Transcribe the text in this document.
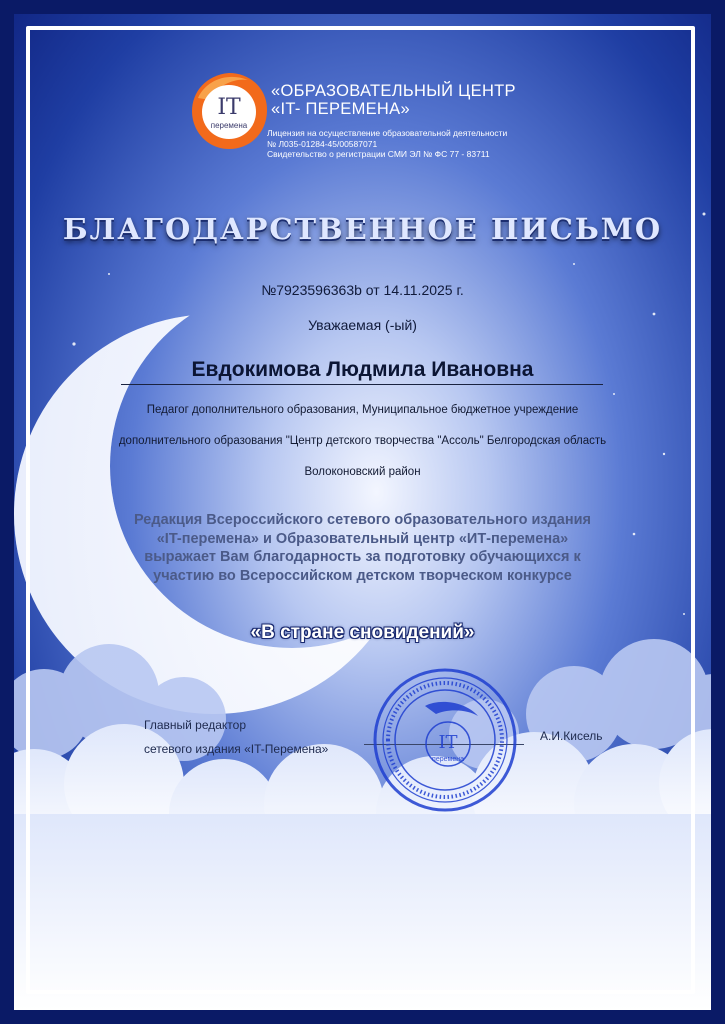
IT
перемена
«ОБРАЗОВАТЕЛЬНЫЙ ЦЕНТР
«IT- ПЕРЕМЕНА»
Лицензия на осуществление образовательной деятельности
№ Л035-01284-45/00587071
Свидетельство о регистрации СМИ ЭЛ № ФС 77 - 83711
БЛАГОДАРСТВЕННОЕ ПИСЬМО
№7923596363b от 14.11.2025 г.
Уважаемая (-ый)
Евдокимова Людмила Ивановна
Педагог дополнительного образования, Муниципальное бюджетное учреждение дополнительного образования "Центр детского творчества "Ассоль" Белгородская область Волоконовский район
Редакция Всероссийского сетевого образовательного издания
«IT-перемена» и Образовательный центр «ИТ-перемена»
выражает Вам благодарность за подготовку обучающихся к
участию во Всероссийском детском творческом конкурсе
«В стране сновидений»
Главный редактор
сетевого издания «IT-Перемена»
А.И.Кисель
IT
перемена
